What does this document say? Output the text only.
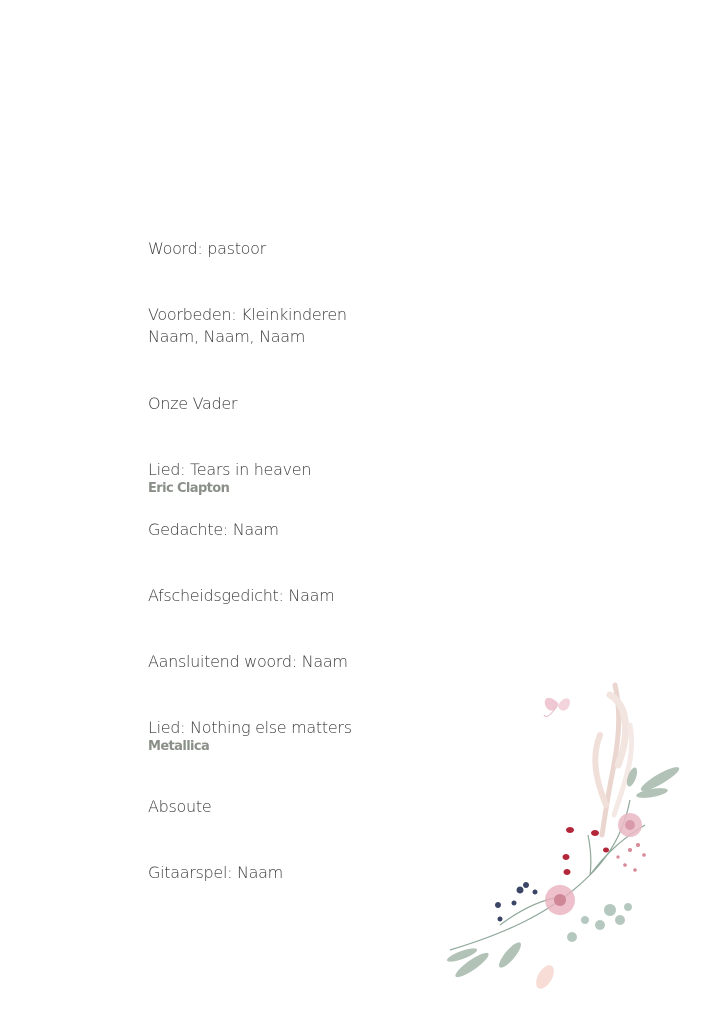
Woord: pastoor
Voorbeden: Kleinkinderen
Naam, Naam, Naam
Onze Vader
Lied: Tears in heaven
Eric Clapton
Gedachte: Naam
Afscheidsgedicht: Naam
Aansluitend woord: Naam
Lied: Nothing else matters
Metallica
Absoute
Gitaarspel: Naam
